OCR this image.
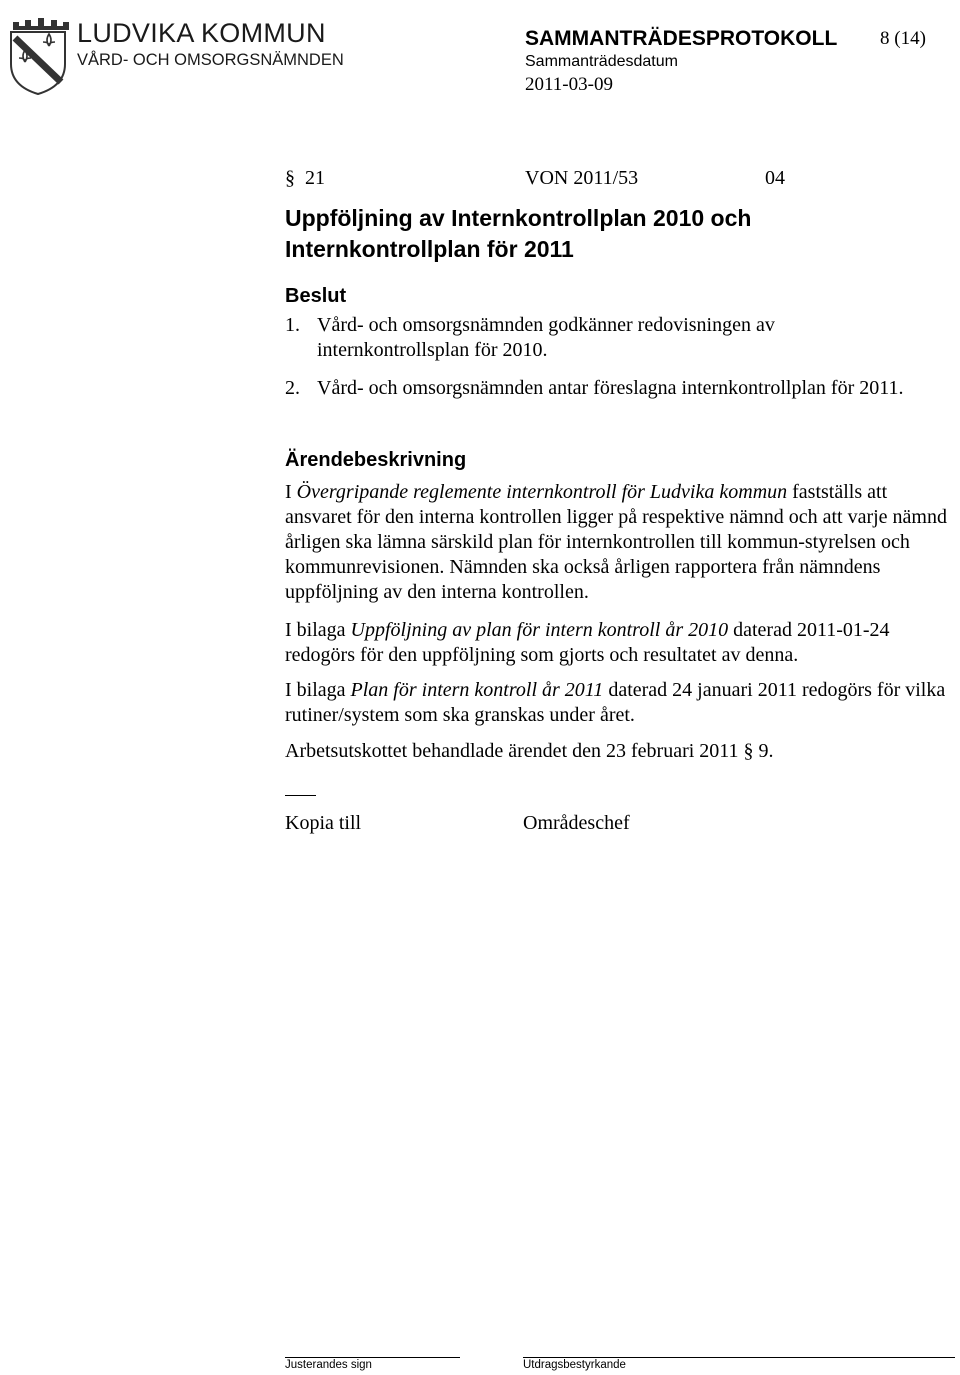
LUDVIKA KOMMUN
VÅRD- OCH OMSORGSNÄMNDEN
SAMMANTRÄDESPROTOKOLL 8 (14)
Sammanträdesdatum
2011-03-09
§ 21	VON 2011/53	04
Uppföljning av Internkontrollplan 2010 och Internkontrollplan för 2011
Beslut
1. Vård- och omsorgsnämnden godkänner redovisningen av internkontrollsplan för 2010.
2. Vård- och omsorgsnämnden antar föreslagna internkontrollplan för 2011.
Ärendebeskrivning

I Övergripande reglemente internkontroll för Ludvika kommun fastställs att ansvaret för den interna kontrollen ligger på respektive nämnd och att varje nämnd årligen ska lämna särskild plan för internkontrollen till kommun-styrelsen och kommunrevisionen. Nämnden ska också årligen rapportera från nämndens uppföljning av den interna kontrollen.

I bilaga Uppföljning av plan för intern kontroll år 2010 daterad 2011-01-24 redogörs för den uppföljning som gjorts och resultatet av denna.

I bilaga Plan för intern kontroll år 2011 daterad 24 januari 2011 redogörs för vilka rutiner/system som ska granskas under året.

Arbetsutskottet behandlade ärendet den 23 februari 2011 § 9.
Kopia till	Områdeschef
Justerandes sign	Utdragsbestyrkande
